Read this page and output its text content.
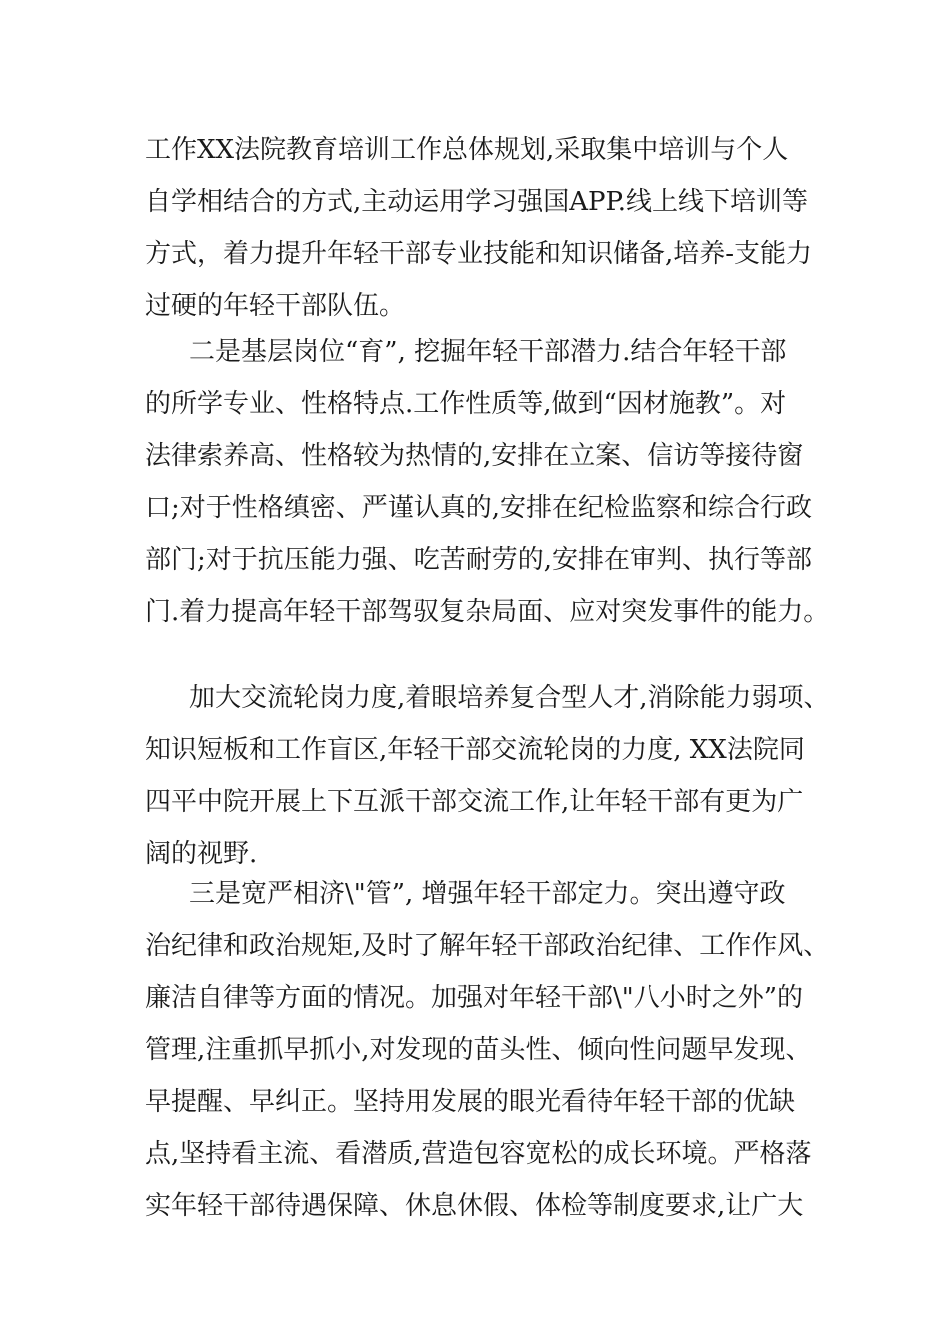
工作XX法院教育培训工作总体规划,采取集中培训与个人
自学相结合的方式,主动运用学习强国APP.线上线下培训等
方式，着力提升年轻干部专业技能和知识储备,培养-支能力
过硬的年轻干部队伍。
二是基层岗位“育”, 挖掘年轻干部潜力.结合年轻干部
的所学专业、性格特点.工作性质等,做到“因材施教”。对
法律索养高、性格较为热情的,安排在立案、信访等接待窗
口;对于性格缜密、严谨认真的,安排在纪检监察和综合行政
部门;对于抗压能力强、吃苦耐劳的,安排在审判、执行等部
门.着力提高年轻干部驾驭复杂局面、应对突发事件的能力。
加大交流轮岗力度,着眼培养复合型人才,消除能力弱项、
知识短板和工作盲区,年轻干部交流轮岗的力度, XX法院同
四平中院开展上下互派干部交流工作,让年轻干部有更为广
阔的视野.
三是宽严相济\"管”, 增强年轻干部定力。突出遵守政
治纪律和政治规矩,及时了解年轻干部政治纪律、工作作风、
廉洁自律等方面的情况。加强对年轻干部\"八小时之外”的
管理,注重抓早抓小,对发现的苗头性、倾向性问题早发现、
早提醒、早纠正。坚持用发展的眼光看待年轻干部的优缺
点,坚持看主流、看潜质,营造包容宽松的成长环境。严格落
实年轻干部待遇保障、休息休假、体检等制度要求,让广大
